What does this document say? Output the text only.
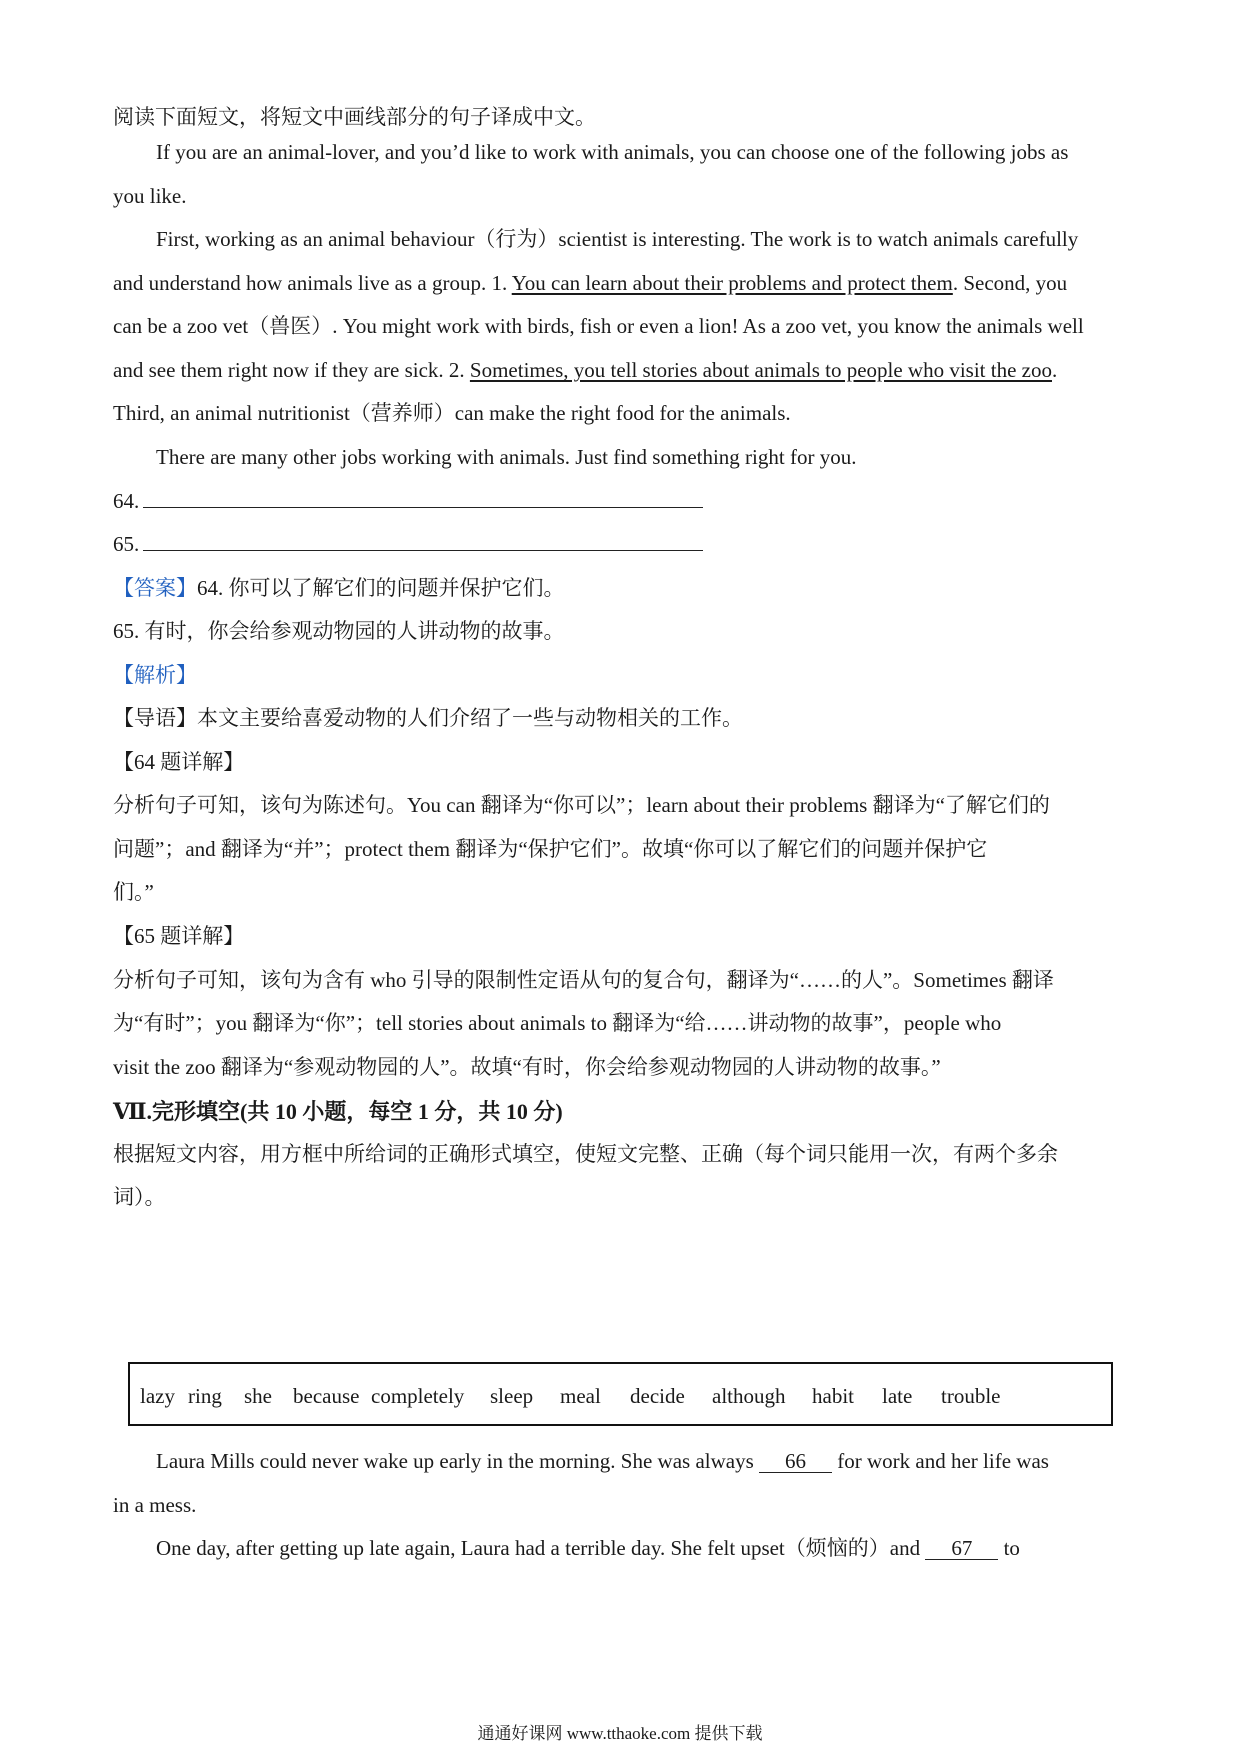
阅读下面短文，将短文中画线部分的句子译成中文。
If you are an animal-lover, and you’d like to work with animals, you can choose one of the following jobs as
you like.
First, working as an animal behaviour（行为）scientist is interesting. The work is to watch animals carefully
and understand how animals live as a group. 1. You can learn about their problems and protect them. Second, you
can be a zoo vet（兽医）. You might work with birds, fish or even a lion! As a zoo vet, you know the animals well
and see them right now if they are sick. 2. Sometimes, you tell stories about animals to people who visit the zoo.
Third, an animal nutritionist（营养师）can make the right food for the animals.
There are many other jobs working with animals. Just find something right for you.
64.
65.
【答案】64. 你可以了解它们的问题并保护它们。
65. 有时，你会给参观动物园的人讲动物的故事。
【解析】
【导语】本文主要给喜爱动物的人们介绍了一些与动物相关的工作。
【64 题详解】
分析句子可知，该句为陈述句。You can 翻译为“你可以”；learn about their problems 翻译为“了解它们的
问题”；and 翻译为“并”；protect them 翻译为“保护它们”。故填“你可以了解它们的问题并保护它
们。”
【65 题详解】
分析句子可知，该句为含有 who 引导的限制性定语从句的复合句，翻译为“……的人”。Sometimes 翻译
为“有时”；you 翻译为“你”；tell stories about animals to 翻译为“给……讲动物的故事”，people who
visit the zoo 翻译为“参观动物园的人”。故填“有时，你会给参观动物园的人讲动物的故事。”
Ⅶ.完形填空(共 10 小题，每空 1 分，共 10 分)
根据短文内容，用方框中所给词的正确形式填空，使短文完整、正确（每个词只能用一次，有两个多余
词）。
lazy ring she because completely sleep meal decide although habit late trouble
Laura Mills could never wake up early in the morning. She was always 66 for work and her life was
in a mess.
One day, after getting up late again, Laura had a terrible day. She felt upset（烦恼的）and 67 to
通通好课网 www.tthaoke.com 提供下载
